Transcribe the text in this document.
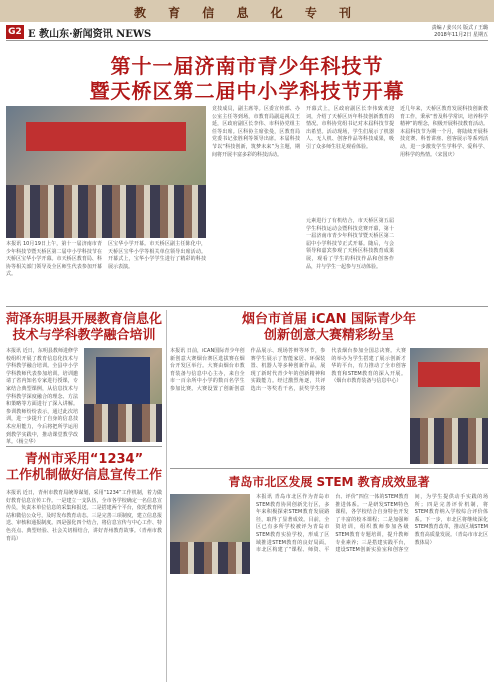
教 育 信 息 化 专 刊
G2 E 教山东·新闻资讯 NEWS
责编 / 姜兴兴 版式 / 王璐
2018年11月2日 星期五
第十一届济南市青少年科技节
暨天桥区第二届中小学科技节开幕
本报讯 10月19日上午，第十一届济南市青少年科技节暨天桥区第二届中小学科技节在天桥区宝华小学开幕。市天桥区教育局、科协等相关部门领导及全区师生代表参加开幕式。
区宝华小学开幕。市天桥区副主任陈化中，天桥区宝华小学等相关单位领导出席活动。开幕式上，宝华小学学生进行了精彩的科技展示表演。
竞技成员，副主席等。区委宣传部、办公室主任等到场，市教育局副巡视员王延，区政府副区长李伟、市科协党组主任等出席。区科协主席张曼，区教育局党委书记张胜利等领导出席。本届科技节以“科技创新，筑梦未来”为主题，期间将开展丰富多彩的科技活动。
开幕式上，区政府副区长李伟致欢迎词，介绍了天桥区历年科技创新教育的情况。市科协党组书记对本届科技节提出希望。活动现场，学生们展示了机器人、无人机、创客作品等科技成果，吸引了众多师生驻足观看体验。
元素进行了有机结合，市天桥区第五届学生科技运动会暨科技竞赛开幕，第十一届济南市青少年科技节暨天桥区第二届中小学科技节正式开幕。随后，与会领导和嘉宾参观了天桥区科技教育成果展，观看了学生的科技作品和创客作品，并与学生一起参与互动体验。
近几年来，天桥区教育发展科技创新教育工作，秉承“普及科学常识，培养科学精神”的理念，积极开展科技教育活动。本届科技节为期一个月，将陆续开展科技竞赛、科普讲座、创客展示等系列活动，进一步激发学生学科学、爱科学、用科学的热情。（宋国庆）
菏泽东明县开展教育信息化
技术与学科教学融合培训
本报讯 近日，东明县教师进修学校组织开展了教育信息化技术与学科教学融合培训。全县中小学学科教师代表参加培训。培训邀请了省内知名专家进行授课，专家结合典型课例，从信息技术与学科教学深度融合的理念、方法和策略等方面进行了深入讲解。参训教师纷纷表示，通过此次培训，进一步提升了自身的信息技术应用能力，今后将把所学运用到教学实践中，推动课堂教学改革。（杨立华）
青州市采用“1234”
工作机制做好信息宣传工作
本报讯 近日，青州市教育局统筹谋划，采用“1234”工作机制，着力做好教育信息宣传工作。一是建立一支队伍，全市各学校确定一名信息宣传员，负责本单位信息的采集和报送。二是搭建两个平台，依托教育网站和微信公众号，及时发布教育动态。三是完善三项制度，建立信息报送、审核和通报制度。四是强化四个结合，将信息宣传与中心工作、特色亮点、典型经验、社会关切相结合，讲好青州教育故事。（青州市教育局）
烟台市首届 iCAN 国际青少年
创新创意大赛精彩纷呈
本报讯 日前，iCAN国际青少年创新创意大赛烟台赛区选拔赛在烟台开发区举行。大赛由烟台市教育装备与信息中心主办，来自全市一百余所中小学的数百名学生参加比赛。大赛设置了创新创意作品展示、现场答辩等环节，参赛学生展示了智能家居、环保装置、机器人等多种创新作品，展现了新时代青少年的创新精神和实践能力。经过激烈角逐，共评选出一等奖若干名，获奖学生将代表烟台参加全国总决赛。大赛的举办为学生搭建了展示创新才华的平台，有力推动了全市创客教育和STEM教育的深入开展。（烟台市教育装备与信息中心）
青岛市北区发展 STEM 教育成效显著
本报讯 青岛市北区作为青岛市STEM教育协同创新先行区，多年来积极探索STEM教育发展路径，取得了显著成效。目前，全区已有多所学校被评为青岛市STEM教育实验学校，形成了区域推进STEM教育的良好局面。市北区构建了“课程、师资、平台、评价”四位一体的STEM教育推进体系。一是研发STEM特色课程，各学校结合自身特色开发了丰富的校本课程；二是加强师资培训，组织教师参加各级STEM教育专题培训，提升教师专业素养；三是搭建实践平台，建设STEM创新实验室和创客空间，为学生提供动手实践的场所；四是完善评价机制，将STEM教育纳入学校综合评价体系。下一步，市北区将继续深化STEM教育改革，推动区域STEM教育高质量发展。（青岛市市北区教体局）
